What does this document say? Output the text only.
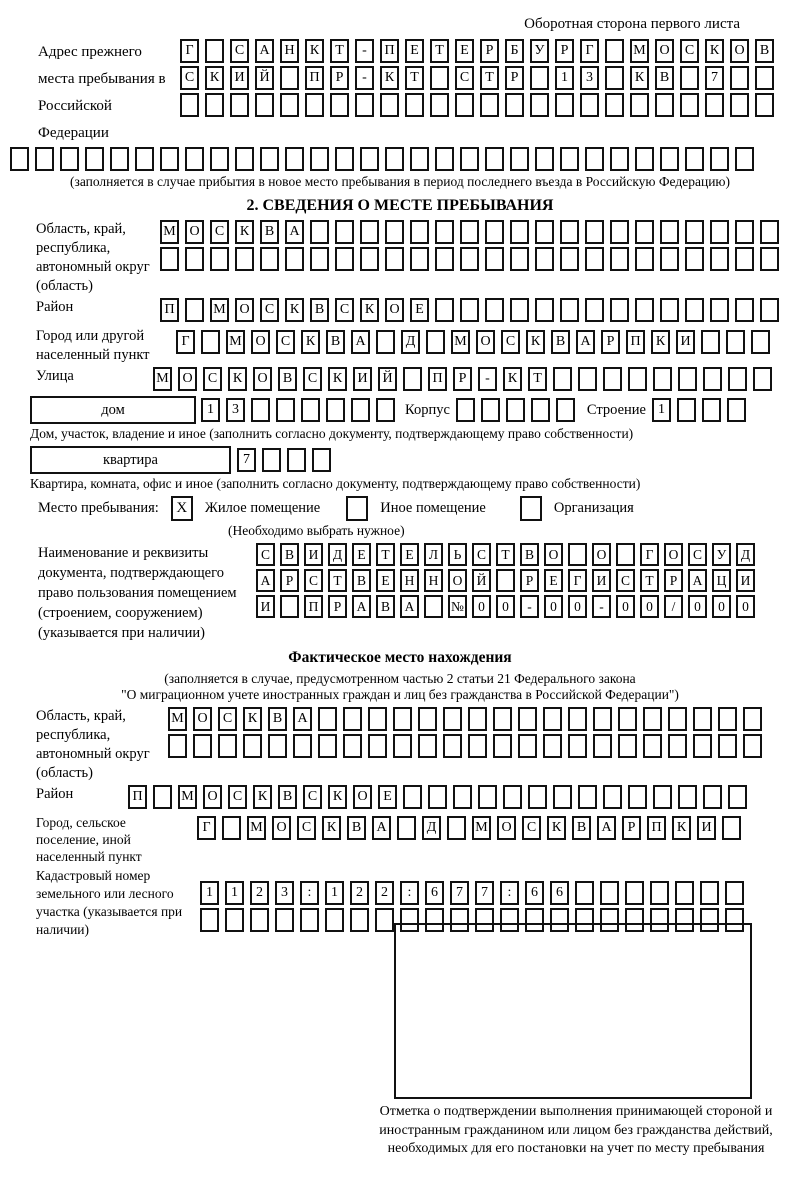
Оборотная сторона первого листа
Адрес прежнего места пребывания в Российской Федерации
Г	С	А	Н	К	Т	-	П	Е	Т	Е	Р	Б	У	Р	Г	М О	С	К	О	В
С	К	И	Й	П	Р	-	К	Т	С	Т	Р	1	3	К	В	7
(заполняется в случае прибытия в новое место пребывания в период последнего въезда в Российскую Федерацию)
2. СВЕДЕНИЯ О МЕСТЕ ПРЕБЫВАНИЯ
Область, край, республика, автономный округ (область)
М О	С	К	В	А
Район	П	М О	С	К	В	С	К	О	Е
Город или другой населенный пункт
Г	М О	С	К	В	А	Д	М О	С	К	В	А	Р	П	К	И
Улица	М О	С	К	О	В	С	К	И	Й	П	Р	-	К	Т
дом	1	3	Корпус	Строение 1
Дом, участок, владение и иное (заполнить согласно документу, подтверждающему право собственности)
квартира	7
Квартира, комната, офис и иное (заполнить согласно документу, подтверждающему право собственности)
Место пребывания:	X	Жилое помещение	Иное помещение	Организация
(Необходимо выбрать нужное)
Наименование и реквизиты документа, подтверждающего право пользования помещением (строением, сооружением) (указывается при наличии)
С	В	И	Д	Е	Т	Е	Л	Ь	С	Т	В	О	О	Г	О	С	У	Д
А	Р	С	Т	В	Е	Н	Н	О	Й	Р	Е	Г	И	С	Т	Р	А	Ц	И
И	П	Р	А	В	А	№	0	0	-	0	0	-	0	0	/	0	0	0
Фактическое место нахождения
(заполняется в случае, предусмотренном частью 2 статьи 21 Федерального закона
"О миграционном учете иностранных граждан и лиц без гражданства в Российской Федерации")
Область, край, республика, автономный округ (область)
М О	С	К	В	А
Район	П	М О	С	К	В	С	К	О	Е
Город, сельское поселение, иной населенный пункт
Г	М О	С	К	В	А	Д	М О	С	К	В	А	Р	П	К	И
Кадастровый номер земельного или лесного участка (указывается при наличии)
1	1	2	3	:	1	2	2	:	6	7	7	:	6	6
Отметка о подтверждении выполнения принимающей стороной и иностранным гражданином или лицом без гражданства действий, необходимых для его постановки на учет по месту пребывания
